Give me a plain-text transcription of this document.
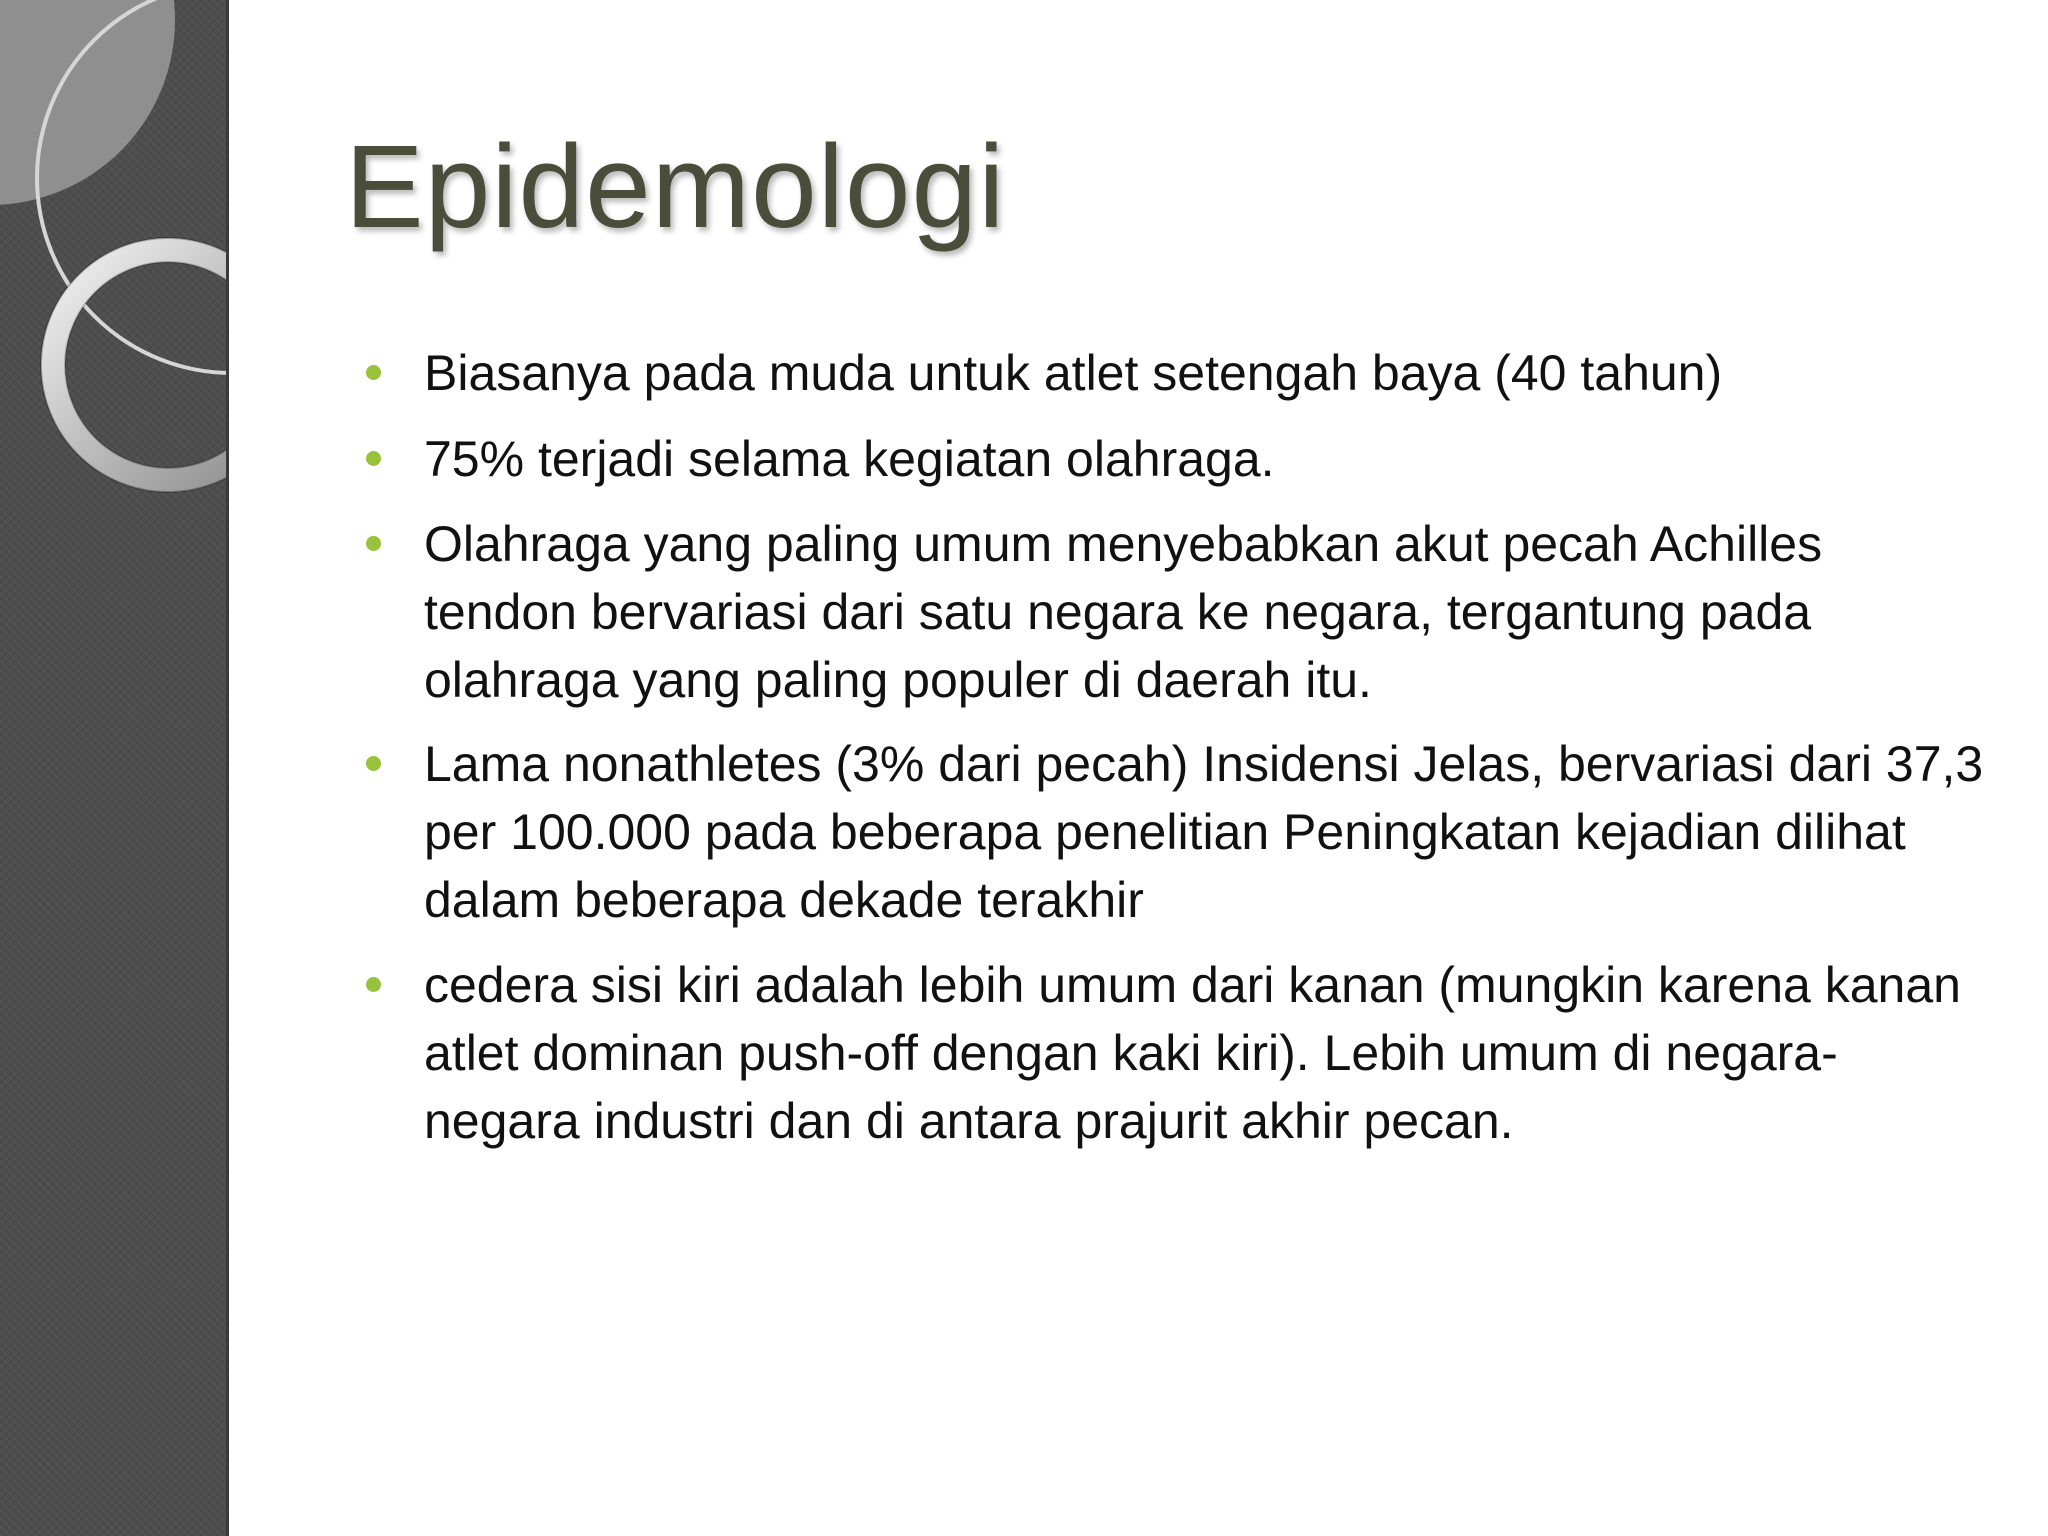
Epidemologi
Biasanya pada muda untuk atlet setengah baya (40 tahun)
75% terjadi selama kegiatan olahraga.
Olahraga yang paling umum menyebabkan akut pecah Achilles tendon bervariasi dari satu negara ke negara, tergantung pada olahraga yang paling populer di daerah itu.
Lama nonathletes (3% dari pecah) Insidensi Jelas, bervariasi dari 37,3 per 100.000 pada beberapa penelitian Peningkatan kejadian dilihat dalam beberapa dekade terakhir
cedera sisi kiri adalah lebih umum dari kanan (mungkin karena kanan atlet dominan push-off dengan kaki kiri). Lebih umum di negara-negara industri dan di antara prajurit akhir pecan.
